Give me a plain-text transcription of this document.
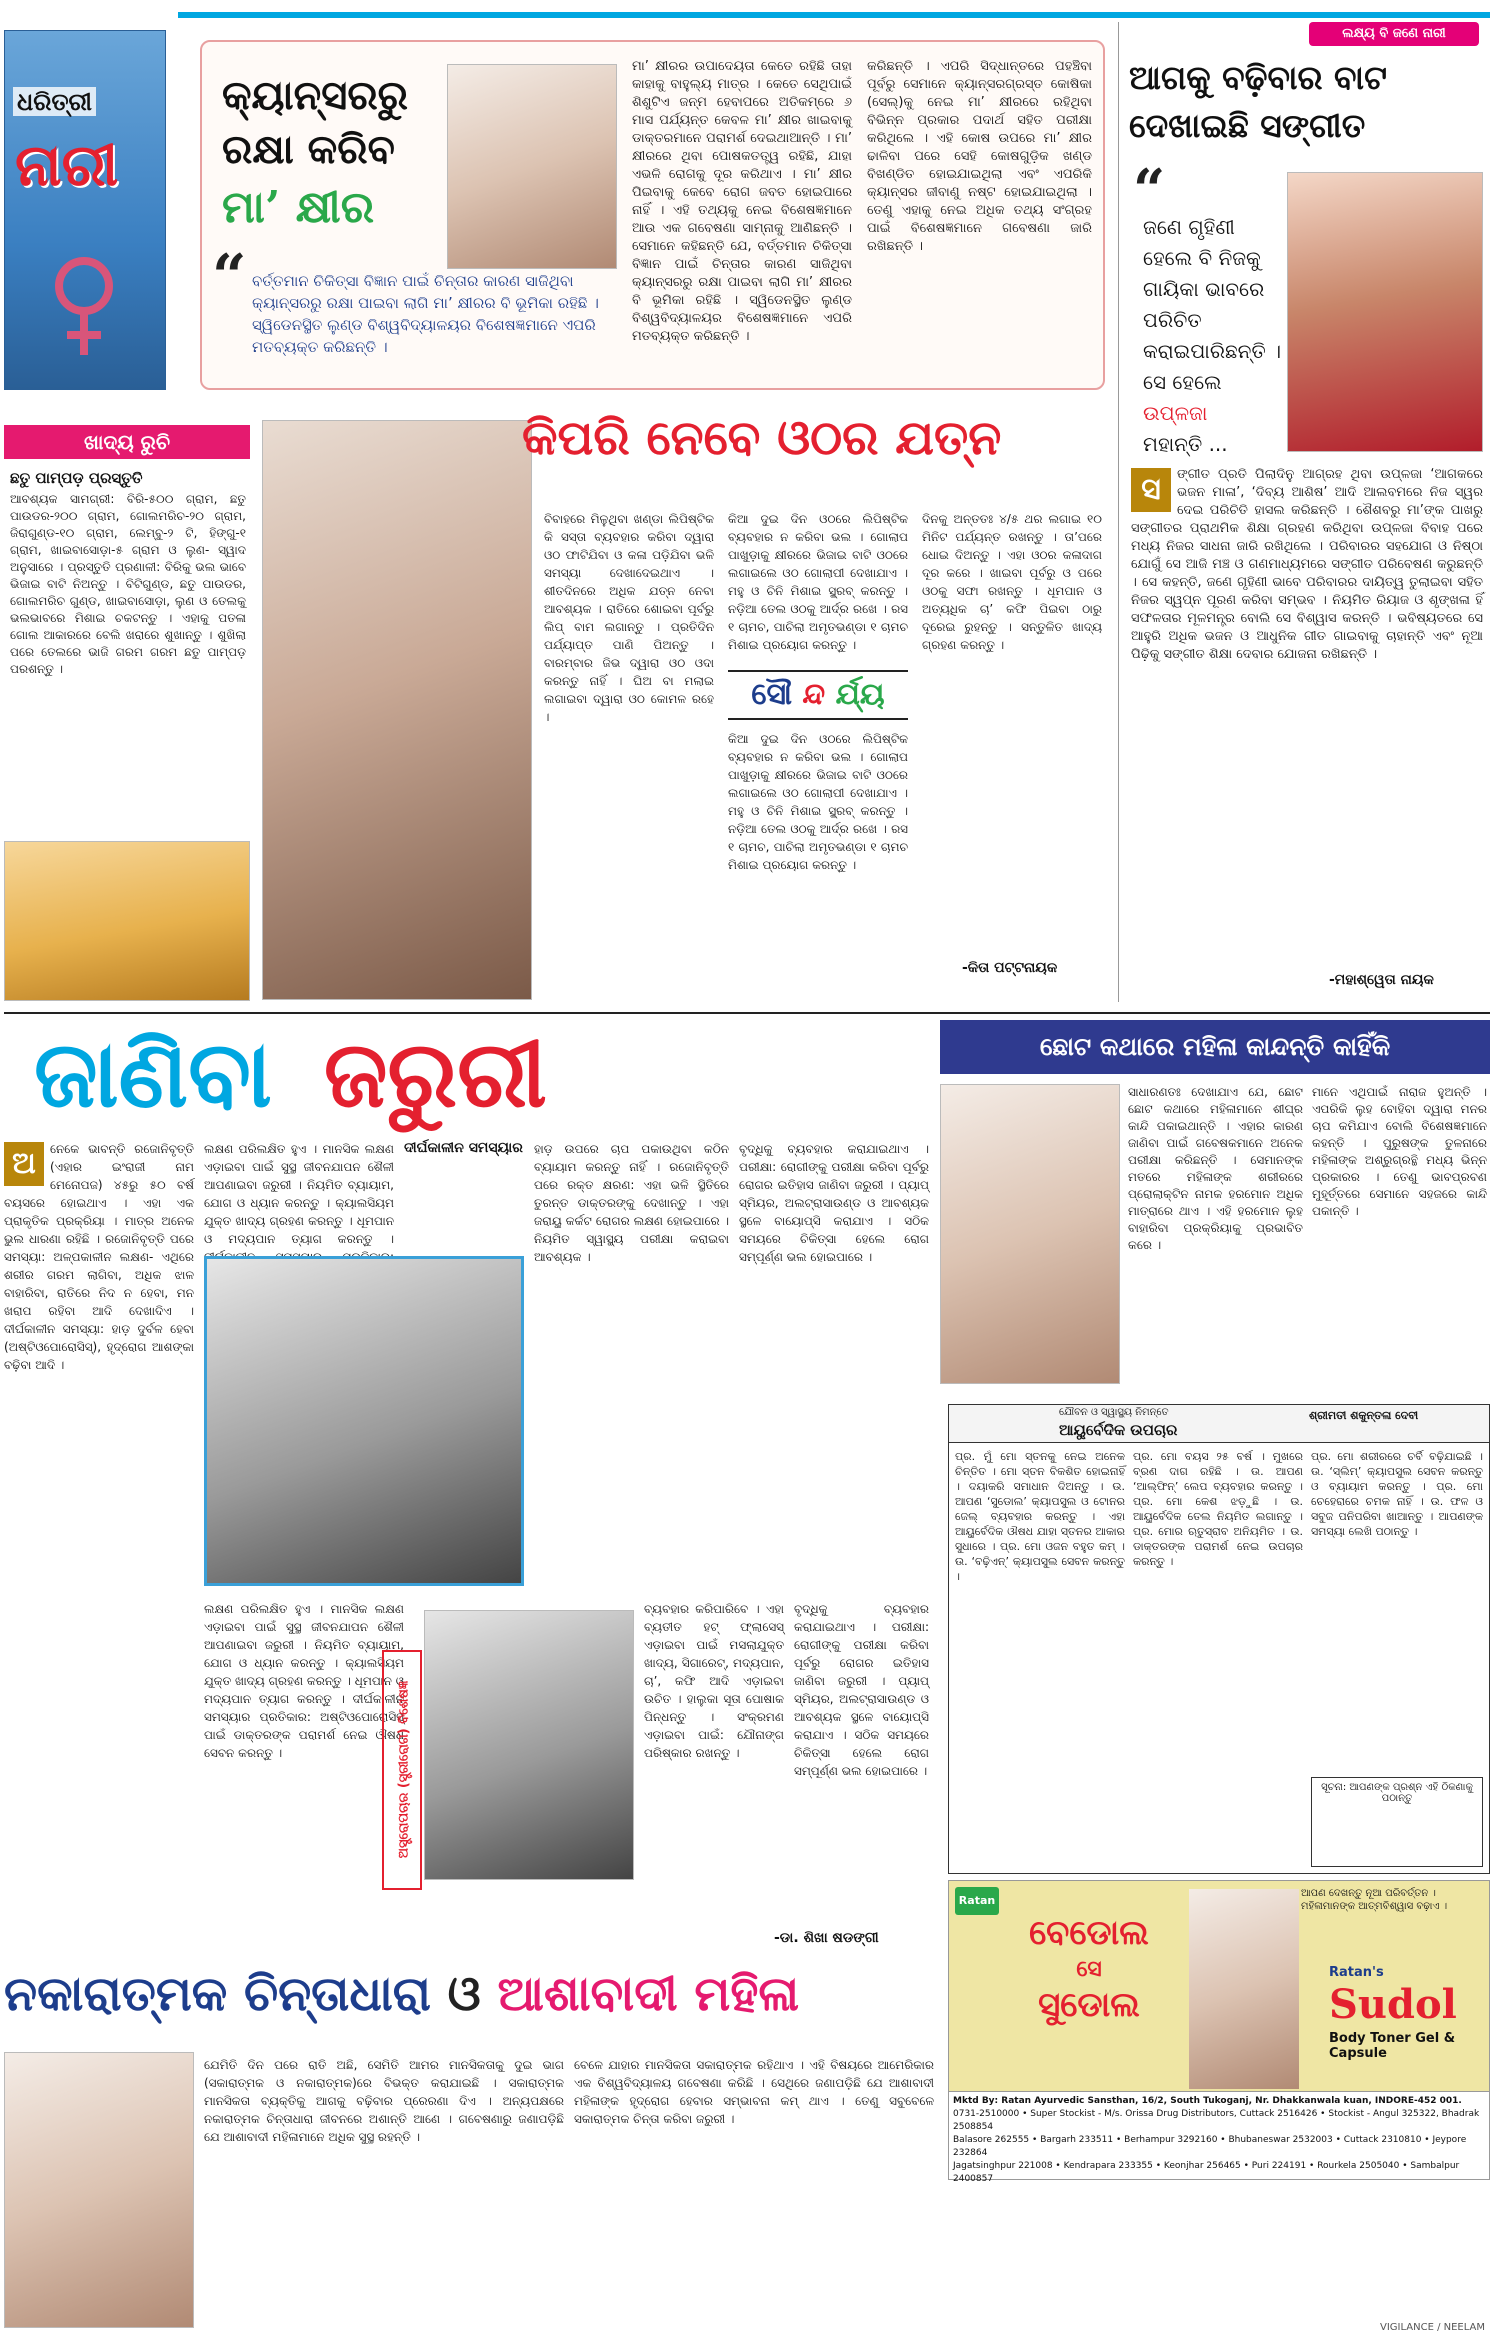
ଧରିତ୍ରୀ
ନାରୀ
କ୍ୟାନ୍ସରରୁ
ରକ୍ଷା କରିବ
ମା’ କ୍ଷୀର
“ ବର୍ତ୍ତମାନ ଚିକିତ୍ସା ବିଜ୍ଞାନ ପାଇଁ ଚିନ୍ତାର କାରଣ ସାଜିଥିବା କ୍ୟାନ୍ସରରୁ ରକ୍ଷା ପାଇବା ଲାଗି ମା’ କ୍ଷୀରର ବି ଭୂମିକା ରହିଛି । ସ୍ୱିଡେନସ୍ଥିତ ଲୁଣ୍ଡ ବିଶ୍ୱବିଦ୍ୟାଳୟର ବିଶେଷଜ୍ଞମାନେ ଏପରି ମତବ୍ୟକ୍ତ କରିଛନ୍ତି ।
ମା’ କ୍ଷୀରର ଉପାଦେୟତା କେତେ ରହିଛି ତାହା କାହାକୁ ବାହୁଲ୍ୟ ମାତ୍ର । କେତେ ସେଥିପାଇଁ ଶିଶୁଟିଏ ଜନ୍ମ ହେବାପରେ ଅତିକମ୍‌ରେ ୬ ମାସ ପର୍ଯ୍ୟନ୍ତ କେବଳ ମା’ କ୍ଷୀର ଖାଇବାକୁ ଡାକ୍ତରମାନେ ପରାମର୍ଶ ଦେଇଥାଆନ୍ତି । ମା’ କ୍ଷୀରରେ ଥିବା ପୋଷକତତ୍ତ୍ୱ ରହିଛି, ଯାହା ଏଭଳି ରୋଗକୁ ଦୂର କରିଥାଏ । ମା’ କ୍ଷୀର ପିଇବାକୁ କେବେ ରୋଗ ଜବତ ହୋଇପାରେ ନାହିଁ । ଏହି ତଥ୍ୟକୁ ନେଇ ବିଶେଷଜ୍ଞମାନେ ଆଉ ଏକ ଗବେଷଣା ସାମ୍ନାକୁ ଆଣିଛନ୍ତି । ସେମାନେ କହିଛନ୍ତି ଯେ, ବର୍ତ୍ତମାନ ଚିକିତ୍ସା ବିଜ୍ଞାନ ପାଇଁ ଚିନ୍ତାର କାରଣ ସାଜିଥିବା କ୍ୟାନ୍ସରରୁ ରକ୍ଷା ପାଇବା ଲାଗି ମା’ କ୍ଷୀରର ବି ଭୂମିକା ରହିଛି । ସ୍ୱିଡେନସ୍ଥିତ ଲୁଣ୍ଡ ବିଶ୍ୱବିଦ୍ୟାଳୟର ବିଶେଷଜ୍ଞମାନେ ଏପରି ମତବ୍ୟକ୍ତ କରିଛନ୍ତି ।
କରିଛନ୍ତି । ଏପରି ସିଦ୍ଧାନ୍ତରେ ପହଞ୍ଚିବା ପୂର୍ବରୁ ସେମାନେ କ୍ୟାନ୍ସରଗ୍ରସ୍ତ କୋଷିକା (ସେଲ୍)କୁ ନେଇ ମା’ କ୍ଷୀରରେ ରହିଥିବା ବିଭିନ୍ନ ପ୍ରକାର ପଦାର୍ଥ ସହିତ ପରୀକ୍ଷା କରିଥିଲେ । ଏହି କୋଷ ଉପରେ ମା’ କ୍ଷୀର ଢାଳିବା ପରେ ସେହି କୋଷଗୁଡ଼ିକ ଖଣ୍ଡ ବିଖଣ୍ଡିତ ହୋଇଯାଇଥିଲା ଏବଂ ଏପରିକି କ୍ୟାନ୍ସର ଜୀବାଣୁ ନଷ୍ଟ ହୋଇଯାଇଥିଲା । ତେଣୁ ଏହାକୁ ନେଇ ଅଧିକ ତଥ୍ୟ ସଂଗ୍ରହ ପାଇଁ ବିଶେଷଜ୍ଞମାନେ ଗବେଷଣା ଜାରି ରଖିଛନ୍ତି ।
ଲକ୍ଷ୍ୟ ବି ଜଣେ ନାରୀ
ଆଗକୁ ବଢ଼ିବାର ବାଟ
ଦେଖାଇଛି ସଙ୍ଗୀତ
“
ଜଣେ ଗୃହିଣୀ
ହେଲେ ବି ନିଜକୁ
ଗାୟିକା ଭାବରେ
ପରିଚିତ
କରାଇପାରିଛନ୍ତି ।
ସେ ହେଲେ
ଉପ୍ଳଜା
ମହାନ୍ତି ...
ସ	ଙ୍ଗୀତ ପ୍ରତି ପିଲାଦିନୁ ଆଗ୍ରହ ଥିବା ଉପ୍ଳଜା ‘ଆଗକରେ ଭଜନ ମାଳା’, ‘ଦିବ୍ୟ ଆଶିଷ’ ଆଦି ଆଲବମରେ ନିଜ ସ୍ୱର ଦେଇ ପରିଚିତି ହାସଲ କରିଛନ୍ତି । ଶୈଶବରୁ ମା’ଙ୍କ ପାଖରୁ ସଙ୍ଗୀତର ପ୍ରାଥମିକ ଶିକ୍ଷା ଗ୍ରହଣ କରିଥିବା ଉପ୍ଳଜା ବିବାହ ପରେ ମଧ୍ୟ ନିଜର ସାଧନା ଜାରି ରଖିଥିଲେ । ପରିବାରର ସହଯୋଗ ଓ ନିଷ୍ଠା ଯୋଗୁଁ ସେ ଆଜି ମଞ୍ଚ ଓ ଗଣମାଧ୍ୟମରେ ସଙ୍ଗୀତ ପରିବେଷଣ କରୁଛନ୍ତି । ସେ କହନ୍ତି, ଜଣେ ଗୃହିଣୀ ଭାବେ ପରିବାରର ଦାୟିତ୍ୱ ତୁଲାଇବା ସହିତ ନିଜର ସ୍ୱପ୍ନ ପୂରଣ କରିବା ସମ୍ଭବ । ନିୟମିତ ରିୟାଜ ଓ ଶୃଙ୍ଖଳା ହିଁ ସଫଳତାର ମୂଳମନ୍ତ୍ର ବୋଲି ସେ ବିଶ୍ୱାସ କରନ୍ତି । ଭବିଷ୍ୟତରେ ସେ ଆହୁରି ଅଧିକ ଭଜନ ଓ ଆଧୁନିକ ଗୀତ ଗାଇବାକୁ ଚାହାନ୍ତି ଏବଂ ନୂଆ ପିଢ଼ିକୁ ସଙ୍ଗୀତ ଶିକ୍ଷା ଦେବାର ଯୋଜନା ରଖିଛନ୍ତି ।
-ମହାଶ୍ୱେତା ନାୟକ
ଖାଦ୍ୟ ରୁଚି
ଛତୁ ପାମ୍ପଡ଼ ପ୍ରସ୍ତୁତି
ଆବଶ୍ୟକ ସାମଗ୍ରୀ: ବିରି-୫୦୦ ଗ୍ରାମ, ଛତୁ ପାଉଡର-୨୦୦ ଗ୍ରାମ, ଗୋଲମରିଚ-୨୦ ଗ୍ରାମ, ଜିରାଗୁଣ୍ଡ-୧୦ ଗ୍ରାମ, ଲେମ୍ବୁ-୨ ଟି, ହିଙ୍ଗୁ-୧ ଗ୍ରାମ, ଖାଇବାସୋଡ଼ା-୫ ଗ୍ରାମ ଓ ଲୁଣ- ସ୍ୱାଦ ଅନୁସାରେ । ପ୍ରସ୍ତୁତି ପ୍ରଣାଳୀ: ବିରିକୁ ଭଲ ଭାବେ ଭିଜାଇ ବାଟି ନିଅନ୍ତୁ । ବିଟିଗୁଣ୍ଡ, ଛତୁ ପାଉଡର, ଗୋଲମରିଚ ଗୁଣ୍ଡ, ଖାଇବାସୋଡ଼ା, ଲୁଣ ଓ ତେଲକୁ ଭଲଭାବରେ ମିଶାଇ ଚକଟନ୍ତୁ । ଏହାକୁ ପତଳା ଗୋଲ ଆକାରରେ ବେଲି ଖରାରେ ଶୁଖାନ୍ତୁ । ଶୁଖିଲା ପରେ ତେଲରେ ଭାଜି ଗରମ ଗରମ ଛତୁ ପାମ୍ପଡ଼ ପରଶନ୍ତୁ ।
କିପରି ନେବେ ଓଠର ଯତ୍ନ
ବିବାହରେ ମିଳୁଥିବା ଖଣ୍ଡା ଲିପିଷ୍ଟିକ କି ସସ୍ତା ବ୍ୟବହାର କରିବା ଦ୍ୱାରା ଓଠ ଫାଟିଯିବା ଓ କଳା ପଡ଼ିଯିବା ଭଳି ସମସ୍ୟା ଦେଖାଦେଇଥାଏ । ଶୀତଦିନରେ ଅଧିକ ଯତ୍ନ ନେବା ଆବଶ୍ୟକ । ରାତିରେ ଶୋଇବା ପୂର୍ବରୁ ଲିପ୍ ବାମ ଲଗାନ୍ତୁ । ପ୍ରତିଦିନ ପର୍ଯ୍ୟାପ୍ତ ପାଣି ପିଅନ୍ତୁ । ବାରମ୍ବାର ଜିଭ ଦ୍ୱାରା ଓଠ ଓଦା କରନ୍ତୁ ନାହିଁ । ଘିଅ ବା ମଲାଇ ଲଗାଇବା ଦ୍ୱାରା ଓଠ କୋମଳ ରହେ ।
ସୌ ନ୍ଦ ର୍ଯ୍ୟ
କିଆ ଦୁଇ ଦିନ ଓଠରେ ଲିପିଷ୍ଟିକ ବ୍ୟବହାର ନ କରିବା ଭଲ । ଗୋଲାପ ପାଖୁଡ଼ାକୁ କ୍ଷୀରରେ ଭିଜାଇ ବାଟି ଓଠରେ ଲଗାଇଲେ ଓଠ ଗୋଲାପୀ ଦେଖାଯାଏ । ମହୁ ଓ ଚିନି ମିଶାଇ ସ୍କ୍ରବ୍ କରନ୍ତୁ । ନଡ଼ିଆ ତେଲ ଓଠକୁ ଆର୍ଦ୍ର ରଖେ । ରସ ୧ ଚାମଚ, ପାଚିଲା ଅମୃତଭଣ୍ଡା ୧ ଚାମଚ ମିଶାଇ ପ୍ରୟୋଗ କରନ୍ତୁ ।
କିଆ ଦୁଇ ଦିନ ଓଠରେ ଲିପିଷ୍ଟିକ ବ୍ୟବହାର ନ କରିବା ଭଲ । ଗୋଲାପ ପାଖୁଡ଼ାକୁ କ୍ଷୀରରେ ଭିଜାଇ ବାଟି ଓଠରେ ଲଗାଇଲେ ଓଠ ଗୋଲାପୀ ଦେଖାଯାଏ । ମହୁ ଓ ଚିନି ମିଶାଇ ସ୍କ୍ରବ୍ କରନ୍ତୁ । ନଡ଼ିଆ ତେଲ ଓଠକୁ ଆର୍ଦ୍ର ରଖେ । ରସ ୧ ଚାମଚ, ପାଚିଲା ଅମୃତଭଣ୍ଡା ୧ ଚାମଚ ମିଶାଇ ପ୍ରୟୋଗ କରନ୍ତୁ ।
ଦିନକୁ ଅନ୍ତତଃ ୪/୫ ଥର ଲଗାଇ ୧୦ ମିନିଟ ପର୍ଯ୍ୟନ୍ତ ରଖନ୍ତୁ । ତା’ପରେ ଧୋଇ ଦିଅନ୍ତୁ । ଏହା ଓଠର କଳାଦାଗ ଦୂର କରେ । ଖାଇବା ପୂର୍ବରୁ ଓ ପରେ ଓଠକୁ ସଫା ରଖନ୍ତୁ । ଧୂମପାନ ଓ ଅତ୍ୟଧିକ ଚା’ କଫି ପିଇବା ଠାରୁ ଦୂରେଇ ରୁହନ୍ତୁ । ସନ୍ତୁଳିତ ଖାଦ୍ୟ ଗ୍ରହଣ କରନ୍ତୁ ।
-କିତା ପଟ୍ଟନାୟକ
ଜାଣିବା ଜରୁରୀ
ଅ	ନେକେ ଭାବନ୍ତି ରଜୋନିବୃତ୍ତି (ଏହାର ଇଂରାଜୀ ନାମ ମେନୋପଜ) ୪୫ରୁ ୫୦ ବର୍ଷ ବୟସରେ ହୋଇଥାଏ । ଏହା ଏକ ପ୍ରାକୃତିକ ପ୍ରକ୍ରିୟା । ମାତ୍ର ଅନେକ ଭୁଲ ଧାରଣା ରହିଛି । ରଜୋନିବୃତ୍ତି ପରେ ସମସ୍ୟା: ଅଳ୍ପକାଳୀନ ଲକ୍ଷଣ- ଏଥିରେ ଶରୀର ଗରମ ଲାଗିବା, ଅଧିକ ଝାଳ ବାହାରିବା, ରାତିରେ ନିଦ ନ ହେବା, ମନ ଖରାପ ରହିବା ଆଦି ଦେଖାଦିଏ । ଦୀର୍ଘକାଳୀନ ସମସ୍ୟା: ହାଡ଼ ଦୁର୍ବଳ ହେବା (ଅଷ୍ଟିଓପୋରୋସିସ୍), ହୃଦ୍‌ରୋଗ ଆଶଙ୍କା ବଢ଼ିବା ଆଦି ।
ଲକ୍ଷଣ ପରିଲକ୍ଷିତ ହୁଏ । ମାନସିକ ଲକ୍ଷଣ ଏଡ଼ାଇବା ପାଇଁ ସୁସ୍ଥ ଜୀବନଯାପନ ଶୈଳୀ ଆପଣାଇବା ଜରୁରୀ । ନିୟମିତ ବ୍ୟାୟାମ, ଯୋଗ ଓ ଧ୍ୟାନ କରନ୍ତୁ । କ୍ୟାଲସିୟମ ଯୁକ୍ତ ଖାଦ୍ୟ ଗ୍ରହଣ କରନ୍ତୁ । ଧୂମପାନ ଓ ମଦ୍ୟପାନ ତ୍ୟାଗ କରନ୍ତୁ ।
ଦୀର୍ଘକାଳୀନ ସମସ୍ୟାର ହାଡ଼ ଉପରେ ଚାପ ପକାଉଥିବା କଠିନ ବ୍ୟାୟାମ କରନ୍ତୁ ନାହିଁ । ରଜୋନିବୃତ୍ତି ପରେ ରକ୍ତ କ୍ଷରଣ: ଏହା ଭଳି ସ୍ଥିତିରେ ତୁରନ୍ତ ଡାକ୍ତରଙ୍କୁ ଦେଖାନ୍ତୁ । ଏହା ଜରାୟୁ କର୍କଟ ରୋଗର ଲକ୍ଷଣ ହୋଇପାରେ । ନିୟମିତ ସ୍ୱାସ୍ଥ୍ୟ ପରୀକ୍ଷା କରାଇବା ଆବଶ୍ୟକ ।
ବୃଦ୍ଧିକୁ ବ୍ୟବହାର କରାଯାଇଥାଏ । ପରୀକ୍ଷା: ରୋଗୀଙ୍କୁ ପରୀକ୍ଷା କରିବା ପୂର୍ବରୁ ରୋଗର ଇତିହାସ ଜାଣିବା ଜରୁରୀ । ପ୍ୟାପ୍ ସ୍ମିୟର, ଅଲଟ୍ରାସାଉଣ୍ଡ ଓ ଆବଶ୍ୟକ ସ୍ଥଳେ ବାୟୋପ୍ସି କରାଯାଏ । ସଠିକ ସମୟରେ ଚିକିତ୍ସା ହେଲେ ରୋଗ ସମ୍ପୂର୍ଣ୍ଣ ଭଲ ହୋଇପାରେ ।
ଲକ୍ଷଣ ପରିଲକ୍ଷିତ ହୁଏ । ମାନସିକ ଲକ୍ଷଣ ଏଡ଼ାଇବା ପାଇଁ ସୁସ୍ଥ ଜୀବନଯାପନ ଶୈଳୀ ଆପଣାଇବା ଜରୁରୀ । ନିୟମିତ ବ୍ୟାୟାମ, ଯୋଗ ଓ ଧ୍ୟାନ କରନ୍ତୁ । କ୍ୟାଲସିୟମ ଯୁକ୍ତ ଖାଦ୍ୟ ଗ୍ରହଣ କରନ୍ତୁ । ଧୂମପାନ ଓ ମଦ୍ୟପାନ ତ୍ୟାଗ କରନ୍ତୁ । ଦୀର୍ଘକାଳୀନ ସମସ୍ୟାର ପ୍ରତିକାର: ଅଷ୍ଟିଓପୋରୋସିସ୍ ପାଇଁ ଡାକ୍ତରଙ୍କ ପରାମର୍ଶ ନେଇ ଔଷଧ ସେବନ କରନ୍ତୁ ।	ଅସ୍ତ୍ରୋପଚାର (ସ୍ତ୍ରୀରୋଗ) ବିଶେଷଜ୍ଞ
ବ୍ୟବହାର କରିପାରିବେ । ଏହା ବ୍ୟତୀତ ହଟ୍ ଫ୍ଲାସେସ୍ ଏଡ଼ାଇବା ପାଇଁ ମସଲାଯୁକ୍ତ ଖାଦ୍ୟ, ସିଗାରେଟ୍, ମଦ୍ୟପାନ, ଚା’, କଫି ଆଦି ଏଡ଼ାଇବା ଉଚିତ । ହାଲୁକା ସୂତା ପୋଷାକ ପିନ୍ଧନ୍ତୁ । ସଂକ୍ରମଣ ଏଡ଼ାଇବା ପାଇଁ: ଯୌନାଙ୍ଗ ପରିଷ୍କାର ରଖନ୍ତୁ ।
ବୃଦ୍ଧିକୁ ବ୍ୟବହାର କରାଯାଇଥାଏ । ପରୀକ୍ଷା: ରୋଗୀଙ୍କୁ ପରୀକ୍ଷା କରିବା ପୂର୍ବରୁ ରୋଗର ଇତିହାସ ଜାଣିବା ଜରୁରୀ । ପ୍ୟାପ୍ ସ୍ମିୟର, ଅଲଟ୍ରାସାଉଣ୍ଡ ଓ ଆବଶ୍ୟକ ସ୍ଥଳେ ବାୟୋପ୍ସି କରାଯାଏ । ସଠିକ ସମୟରେ ଚିକିତ୍ସା ହେଲେ ରୋଗ ସମ୍ପୂର୍ଣ୍ଣ ଭଲ ହୋଇପାରେ ।
-ଡା. ଶିଖା ଷଡଙ୍ଗୀ
ଛୋଟ କଥାରେ ମହିଳା କାନ୍ଦନ୍ତି କାହିଁକି
ସାଧାରଣତଃ ଦେଖାଯାଏ ଯେ, ଛୋଟ ଛୋଟ କଥାରେ ମହିଳାମାନେ ଶୀଘ୍ର କାନ୍ଦି ପକାଇଥାନ୍ତି । ଏହାର କାରଣ ଜାଣିବା ପାଇଁ ଗବେଷକମାନେ ଅନେକ ପରୀକ୍ଷା କରିଛନ୍ତି । ସେମାନଙ୍କ ମତରେ ମହିଳାଙ୍କ ଶରୀରରେ ପ୍ରୋଲାକ୍ଟିନ ନାମକ ହରମୋନ ଅଧିକ ମାତ୍ରାରେ ଥାଏ । ଏହି ହରମୋନ ଲୁହ ବାହାରିବା ପ୍ରକ୍ରିୟାକୁ ପ୍ରଭାବିତ କରେ ।
ମାନେ ଏଥିପାଇଁ ନାରାଜ ହୁଅନ୍ତି । ଏପରିକି ଲୁହ ବୋହିବା ଦ୍ୱାରା ମନର ଚାପ କମିଯାଏ ବୋଲି ବିଶେଷଜ୍ଞମାନେ କହନ୍ତି । ପୁରୁଷଙ୍କ ତୁଳନାରେ ମହିଳାଙ୍କ ଅଶ୍ରୁଗ୍ରନ୍ଥି ମଧ୍ୟ ଭିନ୍ନ ପ୍ରକାରର । ତେଣୁ ଭାବପ୍ରବଣ ମୁହୂର୍ତ୍ତରେ ସେମାନେ ସହଜରେ କାନ୍ଦି ପକାନ୍ତି ।
ଯୌବନ ଓ ସ୍ୱାସ୍ଥ୍ୟ ନିମନ୍ତେ
ଆୟୁର୍ବେଦିକ ଉପଚାର
ଶ୍ରୀମତୀ ଶକୁନ୍ତଳା ଦେବୀ
ପ୍ର. ମୁଁ ମୋ ସ୍ତନକୁ ନେଇ ଅନେକ ଚିନ୍ତିତ । ମୋ ସ୍ତନ ବିକଶିତ ହୋଇନାହିଁ । ଦୟାକରି ସମାଧାନ ଦିଅନ୍ତୁ । ଉ. ଆପଣ ‘ସୁଡୋଲ’ କ୍ୟାପସୁଲ ଓ ଟୋନର ଜେଲ୍ ବ୍ୟବହାର କରନ୍ତୁ । ଏହା ଆୟୁର୍ବେଦିକ ଔଷଧ ଯାହା ସ୍ତନର ଆକାର ସୁଧାରେ । ପ୍ର. ମୋ ଓଜନ ବହୁତ କମ୍ । ଉ. ‘ବଢ଼ିଏନ୍’ କ୍ୟାପସୁଲ ସେବନ କରନ୍ତୁ ।
ପ୍ର. ମୋ ବୟସ ୨୫ ବର୍ଷ । ମୁଖରେ ବ୍ରଣ ଦାଗ ରହିଛି । ଉ. ଆପଣ ‘ଆଲ୍‌ଫିନ୍’ ଲେପ ବ୍ୟବହାର କରନ୍ତୁ । ପ୍ର. ମୋ କେଶ ଝଡ଼ୁଛି । ଉ. ଆୟୁର୍ବେଦିକ ତେଲ ନିୟମିତ ଲଗାନ୍ତୁ । ପ୍ର. ମୋର ଋତୁସ୍ରାବ ଅନିୟମିତ । ଉ. ଡାକ୍ତରଙ୍କ ପରାମର୍ଶ ନେଇ ଉପଚାର କରନ୍ତୁ ।
ପ୍ର. ମୋ ଶରୀରରେ ଚର୍ବି ବଢ଼ିଯାଇଛି । ଉ. ‘ସ୍ଲିମ୍’ କ୍ୟାପସୁଲ ସେବନ କରନ୍ତୁ ଓ ବ୍ୟାୟାମ କରନ୍ତୁ । ପ୍ର. ମୋ ଚେହେରାରେ ଚମକ ନାହିଁ । ଉ. ଫଳ ଓ ସବୁଜ ପନିପରିବା ଖାଆନ୍ତୁ । ଆପଣଙ୍କ ସମସ୍ୟା ଲେଖି ପଠାନ୍ତୁ ।
ସୂଚନା: ଆପଣଙ୍କ ପ୍ରଶ୍ନ ଏହି ଠିକଣାକୁ ପଠାନ୍ତୁ
Ratan
ବେଡୋଲ
ସେ
ସୁଡୋଲ
ଆପଣ ଦେଖନ୍ତୁ ନୂଆ ପରିବର୍ତ୍ତନ । ମହିଳାମାନଙ୍କ ଆତ୍ମବିଶ୍ୱାସ ବଢ଼ାଏ ।
Ratan's
Sudol
Body Toner Gel & Capsule
Mktd By: Ratan Ayurvedic Sansthan, 16/2, South Tukoganj, Nr. Dhakkanwala kuan, INDORE-452 001.
0731-2510000 • Super Stockist - M/s. Orissa Drug Distributors, Cuttack 2516426 • Stockist - Angul 325322, Bhadrak 2508854
Balasore 262555 • Bargarh 233511 • Berhampur 3292160 • Bhubaneswar 2532003 • Cuttack 2310810 • Jeypore 232864
Jagatsinghpur 221008 • Kendrapara 233355 • Keonjhar 256465 • Puri 224191 • Rourkela 2505040 • Sambalpur 2400857
ନକାରାତ୍ମକ ଚିନ୍ତାଧାରା ଓ ଆଶାବାଦୀ ମହିଳା
ଯେମିତି ଦିନ ପରେ ରାତି ଅଛି, ସେମିତି ଆମର ମାନସିକତାକୁ ଦୁଇ ଭାଗ (ସକାରାତ୍ମକ ଓ ନକାରାତ୍ମକ)ରେ ବିଭକ୍ତ କରାଯାଇଛି । ସକାରାତ୍ମକ ମାନସିକତା ବ୍ୟକ୍ତିକୁ ଆଗକୁ ବଢ଼ିବାର ପ୍ରେରଣା ଦିଏ । ଅନ୍ୟପକ୍ଷରେ ନକାରାତ୍ମକ ଚିନ୍ତାଧାରା ଜୀବନରେ ଅଶାନ୍ତି ଆଣେ । ଗବେଷଣାରୁ ଜଣାପଡ଼ିଛି ଯେ ଆଶାବାଦୀ ମହିଳାମାନେ ଅଧିକ ସୁସ୍ଥ ରହନ୍ତି ।
ବେଳେ ଯାହାର ମାନସିକତା ସକାରାତ୍ମକ ରହିଥାଏ । ଏହି ବିଷୟରେ ଆମେରିକାର ଏକ ବିଶ୍ୱବିଦ୍ୟାଳୟ ଗବେଷଣା କରିଛି । ସେଥିରେ ଜଣାପଡ଼ିଛି ଯେ ଆଶାବାଦୀ ମହିଳାଙ୍କ ହୃଦ୍‌ରୋଗ ହେବାର ସମ୍ଭାବନା କମ୍ ଥାଏ । ତେଣୁ ସବୁବେଳେ ସକାରାତ୍ମକ ଚିନ୍ତା କରିବା ଜରୁରୀ ।
VIGILANCE / NEELAM
